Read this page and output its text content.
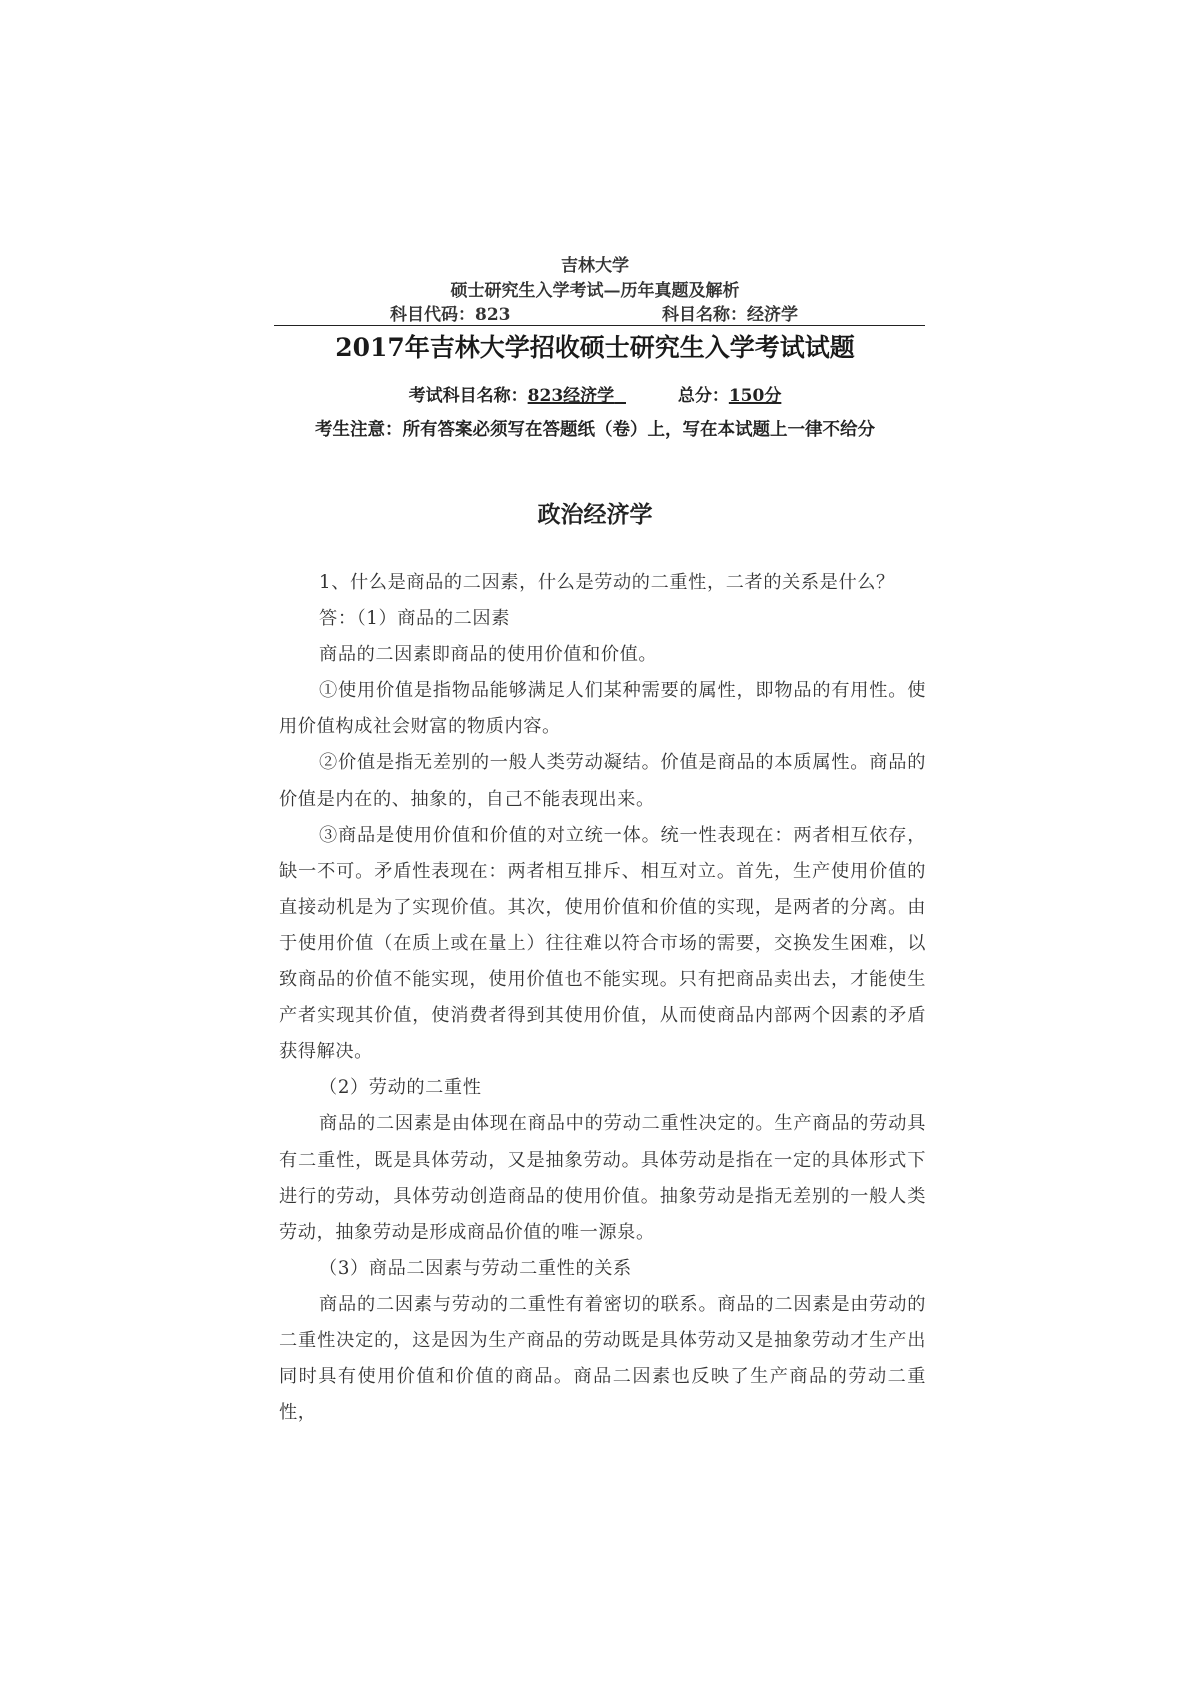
吉林大学
硕士研究生入学考试—历年真题及解析
科目代码：823	科目名称：经济学
2017年吉林大学招收硕士研究生入学考试试题
考试科目名称：823经济学	总分：150分
考生注意：所有答案必须写在答题纸（卷）上，写在本试题上一律不给分
政治经济学

1、什么是商品的二因素，什么是劳动的二重性，二者的关系是什么？

答：（1）商品的二因素

商品的二因素即商品的使用价值和价值。

①使用价值是指物品能够满足人们某种需要的属性，即物品的有用性。使用价值构成社会财富的物质内容。

②价值是指无差别的一般人类劳动凝结。价值是商品的本质属性。商品的价值是内在的、抽象的，自己不能表现出来。

③商品是使用价值和价值的对立统一体。统一性表现在：两者相互依存，缺一不可。矛盾性表现在：两者相互排斥、相互对立。首先，生产使用价值的直接动机是为了实现价值。其次，使用价值和价值的实现，是两者的分离。由于使用价值（在质上或在量上）往往难以符合市场的需要，交换发生困难，以致商品的价值不能实现，使用价值也不能实现。只有把商品卖出去，才能使生产者实现其价值，使消费者得到其使用价值，从而使商品内部两个因素的矛盾获得解决。

（2）劳动的二重性

商品的二因素是由体现在商品中的劳动二重性决定的。生产商品的劳动具有二重性，既是具体劳动，又是抽象劳动。具体劳动是指在一定的具体形式下进行的劳动，具体劳动创造商品的使用价值。抽象劳动是指无差别的一般人类劳动，抽象劳动是形成商品价值的唯一源泉。

（3）商品二因素与劳动二重性的关系

商品的二因素与劳动的二重性有着密切的联系。商品的二因素是由劳动的二重性决定的，这是因为生产商品的劳动既是具体劳动又是抽象劳动才生产出同时具有使用价值和价值的商品。商品二因素也反映了生产商品的劳动二重性，
